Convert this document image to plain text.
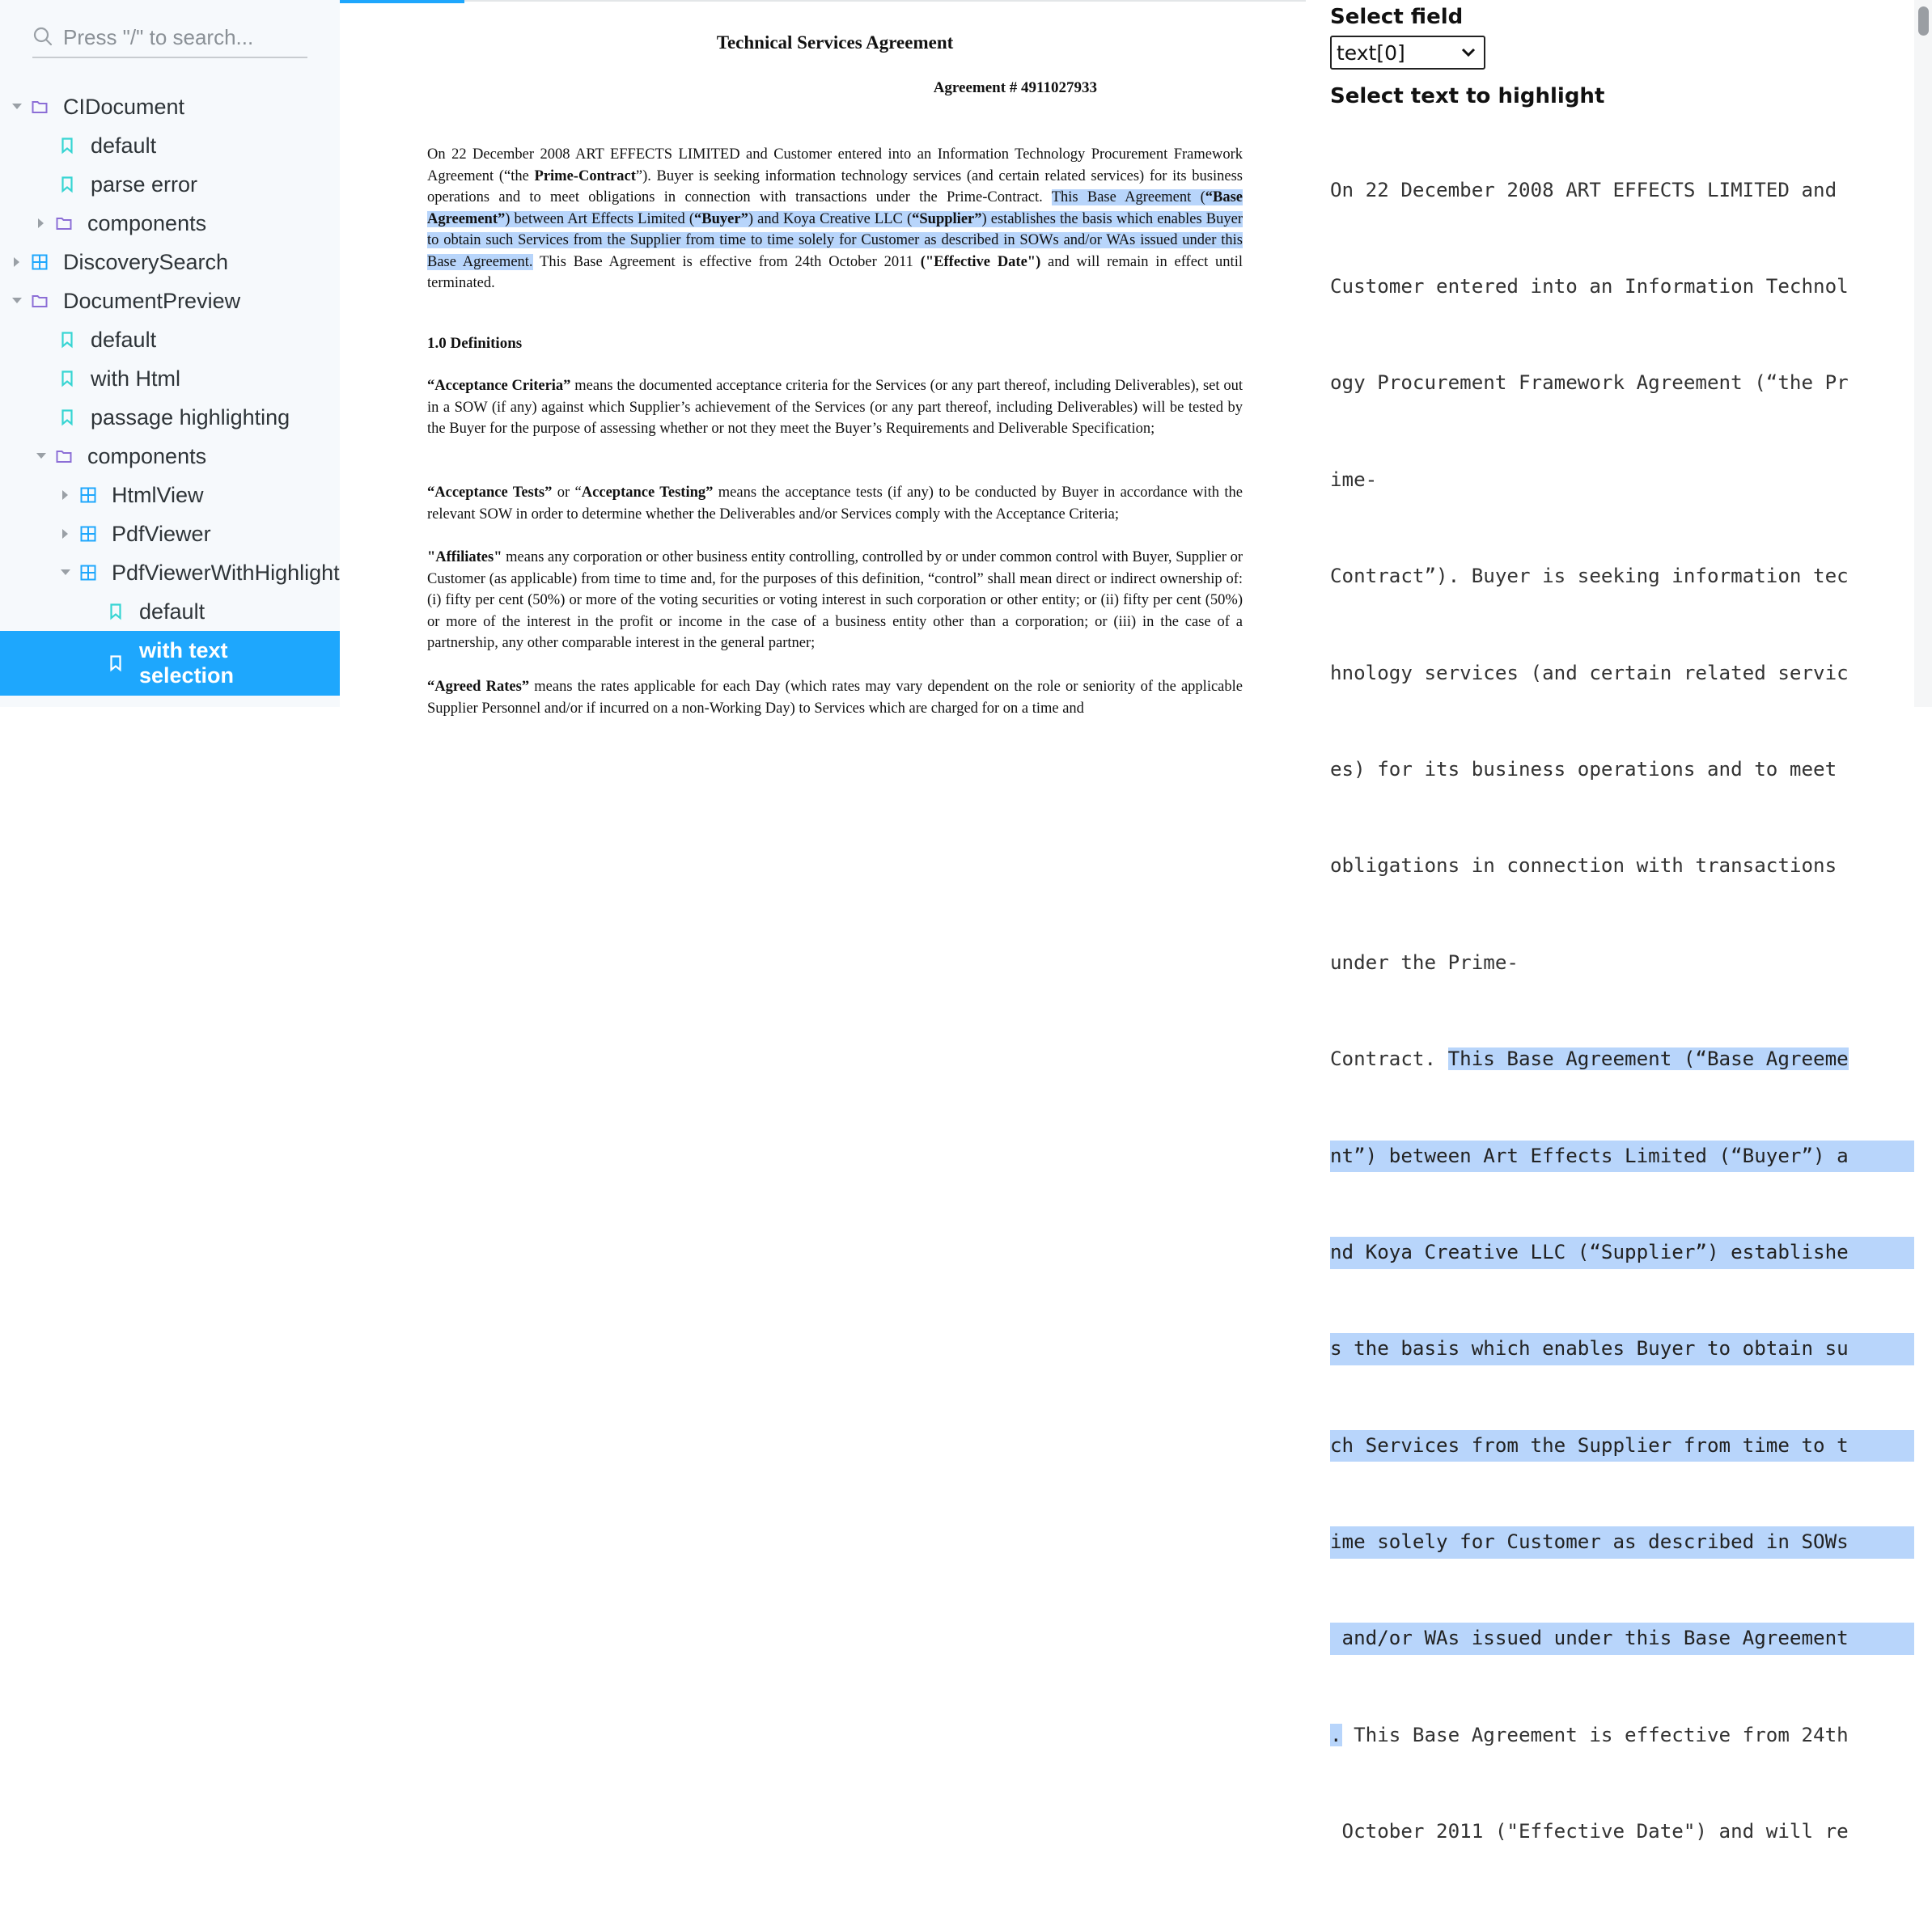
Press "/" to search...
CIDocument
default
parse error
components
DiscoverySearch
DocumentPreview
default
with Html
passage highlighting
components
HtmlView
PdfViewer
PdfViewerWithHighlight
default
with text selection
Technical Services Agreement
Agreement # 4911027933
On 22 December 2008 ART EFFECTS LIMITED and Customer entered into an Information Technology Procurement Framework Agreement (“the Prime-Contract”). Buyer is seeking information technology services (and certain related services) for its business operations and to meet obligations in connection with transactions under the Prime-Contract. This Base Agreement (“Base Agreement”) between Art Effects Limited (“Buyer”) and Koya Creative LLC (“Supplier”) establishes the basis which enables Buyer to obtain such Services from the Supplier from time to time solely for Customer as described in SOWs and/or WAs issued under this Base Agreement. This Base Agreement is effective from 24th October 2011 ("Effective Date") and will remain in effect until terminated.
1.0 Definitions
“Acceptance Criteria” means the documented acceptance criteria for the Services (or any part thereof, including Deliverables), set out in a SOW (if any) against which Supplier’s achievement of the Services (or any part thereof, including Deliverables) will be tested by the Buyer for the purpose of assessing whether or not they meet the Buyer’s Requirements and Deliverable Specification;
“Acceptance Tests” or “Acceptance Testing” means the acceptance tests (if any) to be conducted by Buyer in accordance with the relevant SOW in order to determine whether the Deliverables and/or Services comply with the Acceptance Criteria;
"Affiliates" means any corporation or other business entity controlling, controlled by or under common control with Buyer, Supplier or Customer (as applicable) from time to time and, for the purposes of this definition, “control” shall mean direct or indirect ownership of: (i) fifty per cent (50%) or more of the voting securities or voting interest in such corporation or other entity; or (ii) fifty per cent (50%) or more of the interest in the profit or income in the case of a business entity other than a corporation; or (iii) in the case of a partnership, any other comparable interest in the general partner;
“Agreed Rates” means the rates applicable for each Day (which rates may vary dependent on the role or seniority of the applicable Supplier Personnel and/or if incurred on a non-Working Day) to Services which are charged for on a time and
Select field
text[0]
Select text to highlight

On 22 December 2008 ART EFFECTS LIMITED and

Customer entered into an Information Technol

ogy Procurement Framework Agreement (“the Pr

ime-

Contract”). Buyer is seeking information tec

hnology services (and certain related servic

es) for its business operations and to meet

obligations in connection with transactions

under the Prime-

Contract. This Base Agreement (“Base Agreeme

nt”) between Art Effects Limited (“Buyer”) a

nd Koya Creative LLC (“Supplier”) establishe

s the basis which enables Buyer to obtain su

ch Services from the Supplier from time to t

ime solely for Customer as described in SOWs

and/or WAs issued under this Base Agreement

. This Base Agreement is effective from 24th

October 2011 ("Effective Date") and will re
